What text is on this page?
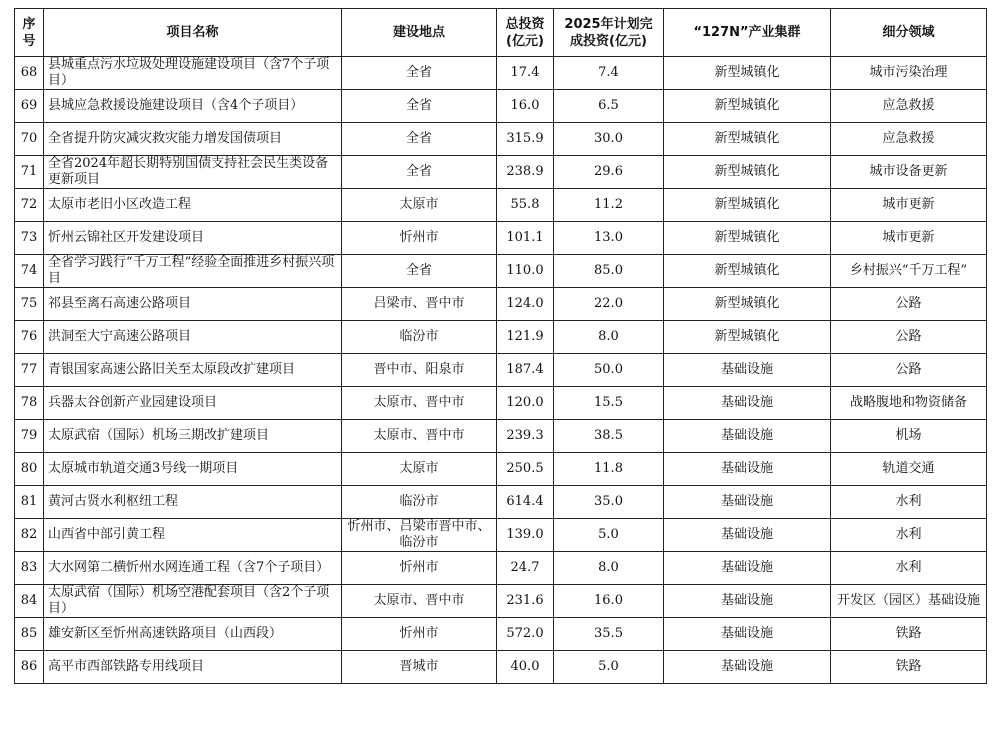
序号	项目名称	建设地点	总投资(亿元)	2025年计划完成投资(亿元)	“127N”产业集群	细分领域
68	县城重点污水垃圾处理设施建设项目（含7个子项目）	全省	17.4	7.4	新型城镇化	城市污染治理
69	县城应急救援设施建设项目（含4个子项目）	全省	16.0	6.5	新型城镇化	应急救援
70	全省提升防灾减灾救灾能力增发国债项目	全省	315.9	30.0	新型城镇化	应急救援
71	全省2024年超长期特别国债支持社会民生类设备更新项目	全省	238.9	29.6	新型城镇化	城市设备更新
72	太原市老旧小区改造工程	太原市	55.8	11.2	新型城镇化	城市更新
73	忻州云锦社区开发建设项目	忻州市	101.1	13.0	新型城镇化	城市更新
74	全省学习践行“千万工程”经验全面推进乡村振兴项目	全省	110.0	85.0	新型城镇化	乡村振兴“千万工程”
75	祁县至离石高速公路项目	吕梁市、晋中市	124.0	22.0	新型城镇化	公路
76	洪洞至大宁高速公路项目	临汾市	121.9	8.0	新型城镇化	公路
77	青银国家高速公路旧关至太原段改扩建项目	晋中市、阳泉市	187.4	50.0	基础设施	公路
78	兵器太谷创新产业园建设项目	太原市、晋中市	120.0	15.5	基础设施	战略腹地和物资储备
79	太原武宿（国际）机场三期改扩建项目	太原市、晋中市	239.3	38.5	基础设施	机场
80	太原城市轨道交通3号线一期项目	太原市	250.5	11.8	基础设施	轨道交通
81	黄河古贤水利枢纽工程	临汾市	614.4	35.0	基础设施	水利
82	山西省中部引黄工程	忻州市、吕梁市晋中市、临汾市	139.0	5.0	基础设施	水利
83	大水网第二横忻州水网连通工程（含7个子项目）	忻州市	24.7	8.0	基础设施	水利
84	太原武宿（国际）机场空港配套项目（含2个子项目）	太原市、晋中市	231.6	16.0	基础设施	开发区（园区）基础设施
85	雄安新区至忻州高速铁路项目（山西段）	忻州市	572.0	35.5	基础设施	铁路
86	高平市西部铁路专用线项目	晋城市	40.0	5.0	基础设施	铁路
